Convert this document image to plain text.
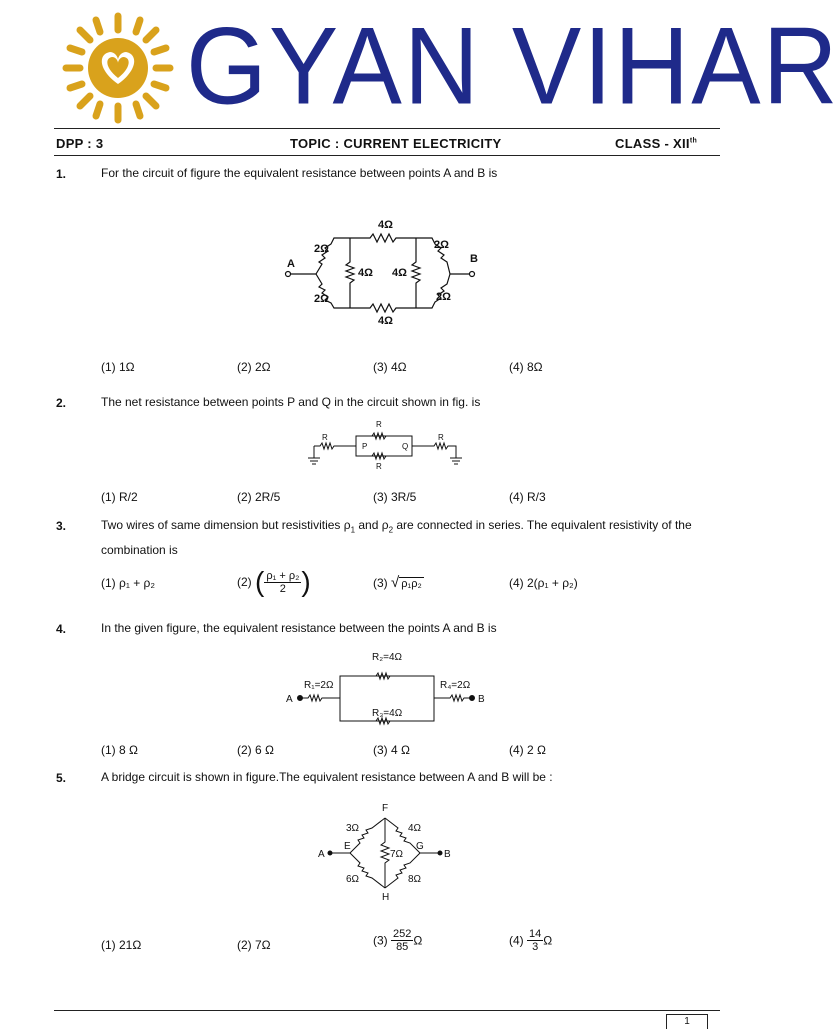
GYAN VIHAR
DPP : 3	TOPIC : CURRENT ELECTRICITY	CLASS - XIIth
1.	For the circuit of figure the equivalent resistance between points A and B is
4Ω
4Ω
2Ω
2Ω
2Ω
2Ω
4Ω 4Ω
A	B
(1) 1Ω	(2) 2Ω	(3) 4Ω	(4) 8Ω
2.	The net resistance between points P and Q in the circuit shown in fig. is
R
R
R
R
P	Q
(1) R/2	(2) 2R/5	(3) 3R/5	(4) R/3
3.	Two wires of same dimension but resistivities $\rho_1$ and $\rho_2$ are connected in series. The equivalent resistivity of the
combination is
(1) ρ₁ + ρ₂	(2) ( $\frac{\text{ρ₁ + ρ₂}}{2}$ )	(3) √ ρ₁ρ₂	(4) 2(ρ₁ + ρ₂)
4.	In the given figure, the equivalent resistance between the points A and B is
R₁=2Ω
R₂=4Ω
R₃=4Ω
R₄=2Ω
A	B
(1) 8 Ω	(2) 6 Ω	(3) 4 Ω	(4) 2 Ω
5.	A bridge circuit is shown in figure.The equivalent resistance between A and B will be :
F
E	G
H
A	B
3Ω	4Ω
7Ω
6Ω	8Ω
(1) 21Ω	(2) 7Ω	$(3) \frac{252}{85}$ Ω	$(4) \frac{14}{3}$ Ω
1
